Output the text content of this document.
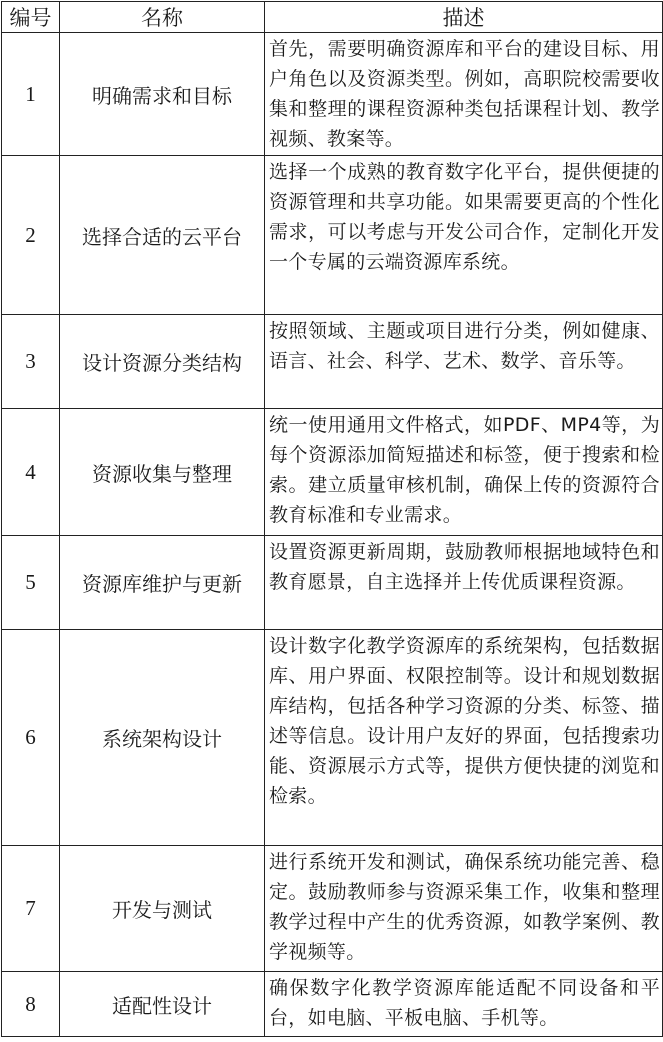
编号	名称	描述
1	明确需求和目标	首先，需要明确资源库和平台的建设目标、用户角色以及资源类型。例如，高职院校需要收集和整理的课程资源种类包括课程计划、教学视频、教案等。
2	选择合适的云平台	选择一个成熟的教育数字化平台，提供便捷的资源管理和共享功能。如果需要更高的个性化需求，可以考虑与开发公司合作，定制化开发一个专属的云端资源库系统。
3	设计资源分类结构	按照领域、主题或项目进行分类，例如健康、语言、社会、科学、艺术、数学、音乐等。
4	资源收集与整理	统一使用通用文件格式，如PDF、MP4等，为每个资源添加简短描述和标签，便于搜索和检索。建立质量审核机制，确保上传的资源符合教育标准和专业需求。
5	资源库维护与更新	设置资源更新周期，鼓励教师根据地域特色和教育愿景，自主选择并上传优质课程资源。
6	系统架构设计	设计数字化教学资源库的系统架构，包括数据库、用户界面、权限控制等。设计和规划数据库结构，包括各种学习资源的分类、标签、描述等信息。设计用户友好的界面，包括搜索功能、资源展示方式等，提供方便快捷的浏览和检索。
7	开发与测试	进行系统开发和测试，确保系统功能完善、稳定。鼓励教师参与资源采集工作，收集和整理教学过程中产生的优秀资源，如教学案例、教学视频等。
8	适配性设计	确保数字化教学资源库能适配不同设备和平台，如电脑、平板电脑、手机等。
